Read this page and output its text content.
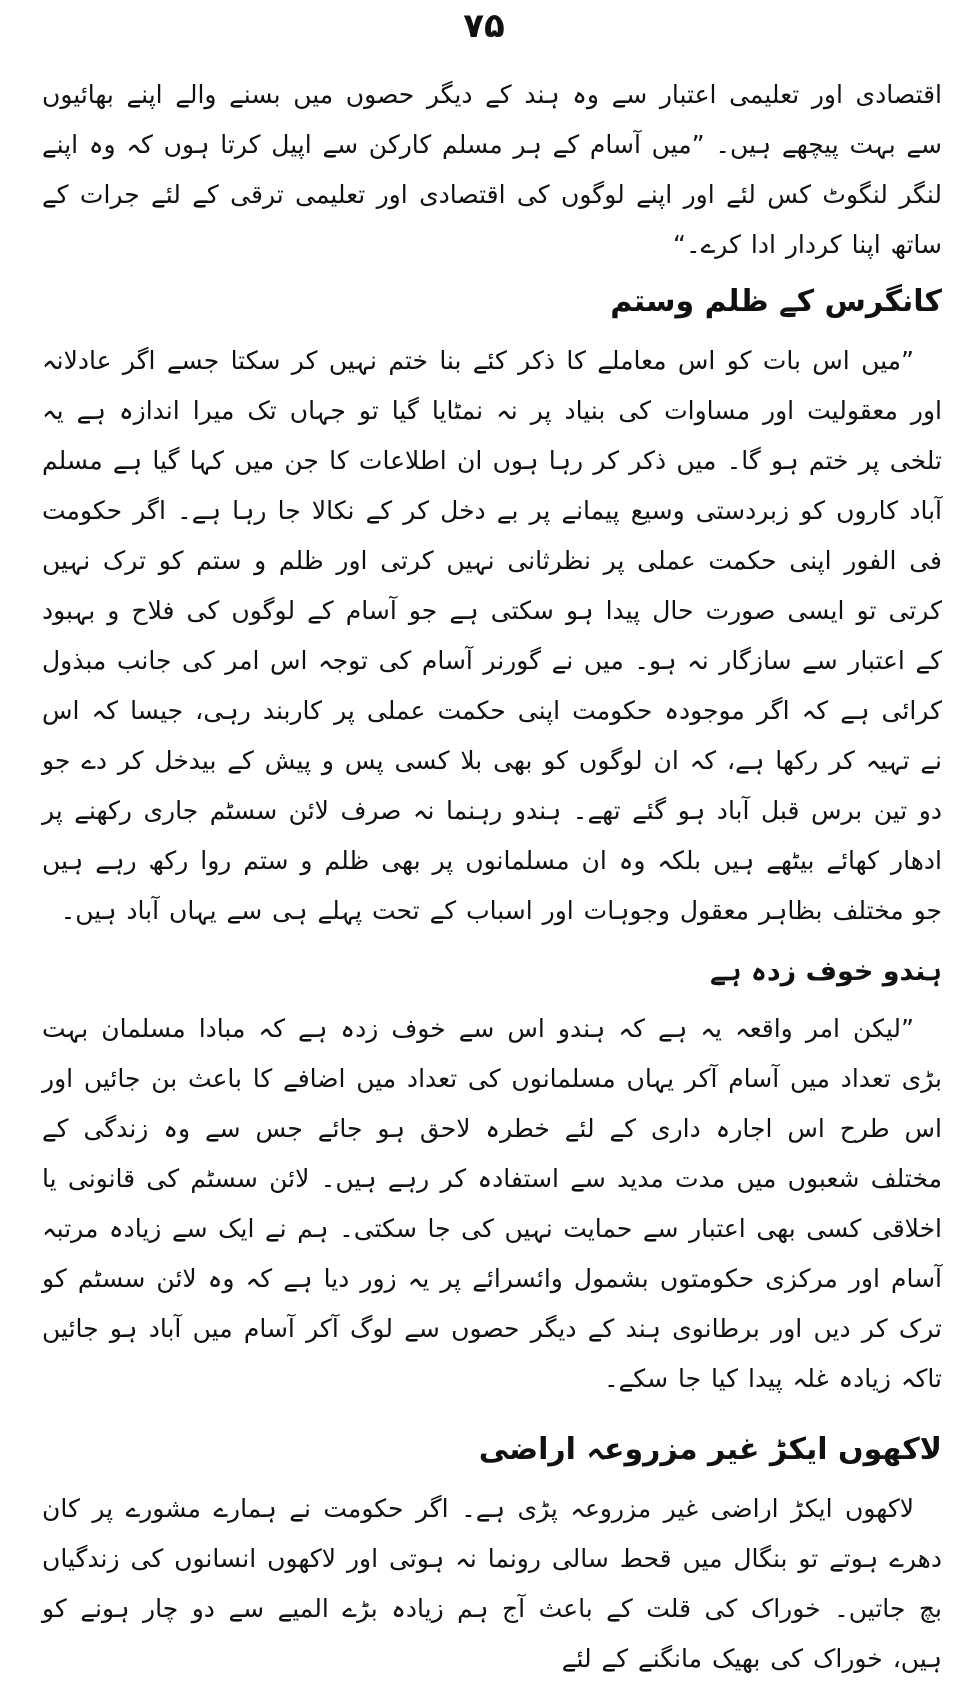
۷۵

اقتصادی اور تعلیمی اعتبار سے وہ ہند کے دیگر حصوں میں بسنے والے اپنے بھائیوں سے بہت پیچھے ہیں۔ ”میں آسام کے ہر مسلم کارکن سے اپیل کرتا ہوں کہ وہ اپنے لنگر لنگوٹ کس لئے اور اپنے لوگوں کی اقتصادی اور تعلیمی ترقی کے لئے جرات کے ساتھ اپنا کردار ادا کرے۔“

کانگرس کے ظلم وستم

”میں اس بات کو اس معاملے کا ذکر کئے بنا ختم نہیں کر سکتا جسے اگر عادلانہ اور معقولیت اور مساوات کی بنیاد پر نہ نمٹایا گیا تو جہاں تک میرا اندازہ ہے یہ تلخی پر ختم ہو گا۔ میں ذکر کر رہا ہوں ان اطلاعات کا جن میں کہا گیا ہے مسلم آباد کاروں کو زبردستی وسیع پیمانے پر بے دخل کر کے نکالا جا رہا ہے۔ اگر حکومت فی الفور اپنی حکمت عملی پر نظرثانی نہیں کرتی اور ظلم و ستم کو ترک نہیں کرتی تو ایسی صورت حال پیدا ہو سکتی ہے جو آسام کے لوگوں کی فلاح و بہبود کے اعتبار سے سازگار نہ ہو۔ میں نے گورنر آسام کی توجہ اس امر کی جانب مبذول کرائی ہے کہ اگر موجودہ حکومت اپنی حکمت عملی پر کاربند رہی، جیسا کہ اس نے تہیہ کر رکھا ہے، کہ ان لوگوں کو بھی بلا کسی پس و پیش کے بیدخل کر دے جو دو تین برس قبل آباد ہو گئے تھے۔ ہندو رہنما نہ صرف لائن سسٹم جاری رکھنے پر ادھار کھائے بیٹھے ہیں بلکہ وہ ان مسلمانوں پر بھی ظلم و ستم روا رکھ رہے ہیں جو مختلف بظاہر معقول وجوہات اور اسباب کے تحت پہلے ہی سے یہاں آباد ہیں۔

ہندو خوف زدہ ہے

”لیکن امر واقعہ یہ ہے کہ ہندو اس سے خوف زدہ ہے کہ مبادا مسلمان بہت بڑی تعداد میں آسام آکر یہاں مسلمانوں کی تعداد میں اضافے کا باعث بن جائیں اور اس طرح اس اجارہ داری کے لئے خطرہ لاحق ہو جائے جس سے وہ زندگی کے مختلف شعبوں میں مدت مدید سے استفادہ کر رہے ہیں۔ لائن سسٹم کی قانونی یا اخلاقی کسی بھی اعتبار سے حمایت نہیں کی جا سکتی۔ ہم نے ایک سے زیادہ مرتبہ آسام اور مرکزی حکومتوں بشمول وائسرائے پر یہ زور دیا ہے کہ وہ لائن سسٹم کو ترک کر دیں اور برطانوی ہند کے دیگر حصوں سے لوگ آکر آسام میں آباد ہو جائیں تاکہ زیادہ غلہ پیدا کیا جا سکے۔

لاکھوں ایکڑ غیر مزروعہ اراضی

لاکھوں ایکڑ اراضی غیر مزروعہ پڑی ہے۔ اگر حکومت نے ہمارے مشورے پر کان دھرے ہوتے تو بنگال میں قحط سالی رونما نہ ہوتی اور لاکھوں انسانوں کی زندگیاں بچ جاتیں۔ خوراک کی قلت کے باعث آج ہم زیادہ بڑے المیے سے دو چار ہونے کو ہیں، خوراک کی بھیک مانگنے کے لئے
